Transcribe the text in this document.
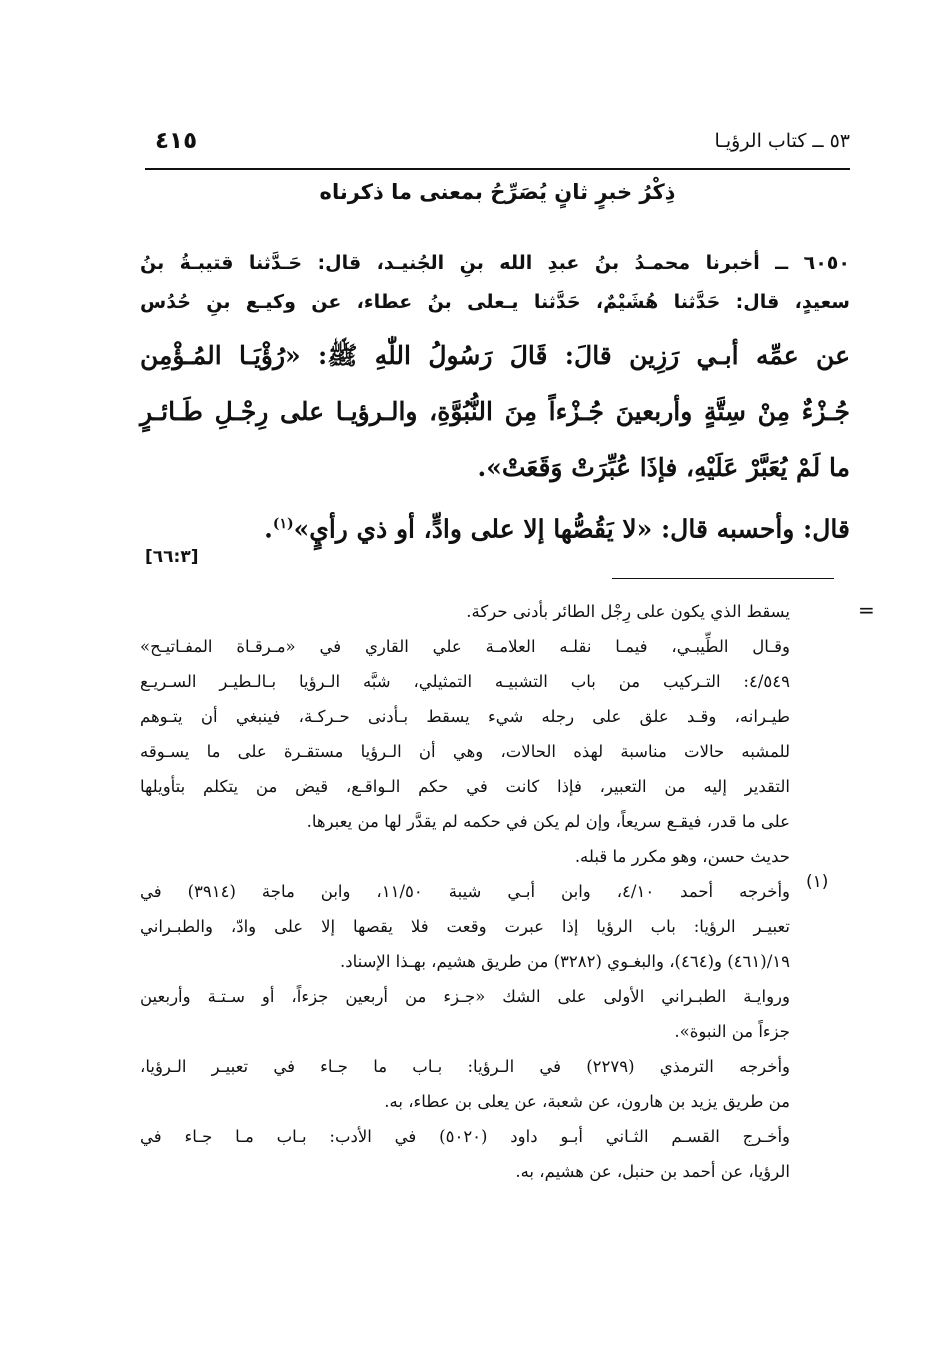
٥٣ ــ كتاب الرؤيـا
٤١٥
ذِكْرُ خبرٍ ثانٍ يُصَرِّحُ بمعنى ما ذكرناه
٦٠٥٠ ــ أخبرنا محمـدُ بنُ عبدِ الله بنِ الجُنيـد، قال: حَـدَّثنا قتيبـةُ بنُ
سعيدٍ، قال: حَدَّثنا هُشَيْمٌ، حَدَّثنا يـعلى بنُ عطاء، عن وكيـع بنِ حُدُس
عن عمِّه أبـي رَزِين قالَ: قَالَ رَسُولُ اللّٰهِ ﷺ: «رُؤْيَـا المُـؤْمِن
جُـزْءٌ مِنْ سِتَّةٍ وأربعينَ جُـزْءاً مِنَ النُّبُوَّةِ، والـرؤيـا على رِجْـلِ طَـائـرٍ
ما لَمْ يُعَبَّرْ عَلَيْهِ، فإذَا عُبِّرَتْ وَقَعَتْ».
قال: وأحسبه قال: «لا يَقُصُّها إلا على وادٍّ، أو ذي رأيٍ»$^{(١)}$.
[٦٦:٣]
=
(١)
يسقط الذي يكون على رِجْل الطائر بأدنى حركة.
وقـال الطِّيبـي، فيمـا نقلـه العلامـة علي القاري في «مـرقـاة المفـاتيـح»
٤/٥٤٩: التـركيب من باب التشبيـه التمثيلي، شبَّه الـرؤيا بـالـطيـر السـريـع
طيـرانه، وقـد علق على رجله شيء يسقط بـأدنى حـركـة، فينبغي أن يتـوهم
للمشبه حالات مناسبة لهذه الحالات، وهي أن الـرؤيا مستقـرة على ما يسـوقه
التقدير إليه من التعبير، فإذا كانت في حكم الـواقـع، قيض من يتكلم بتأويلها
على ما قدر، فيقـع سريعاً، وإن لم يكن في حكمه لم يقدَّر لها من يعبرها.
حديث حسن، وهو مكرر ما قبله.
وأخرجه أحمد ٤/١٠، وابن أبـي شيبة ١١/٥٠، وابن ماجة (٣٩١٤) في
تعبيـر الرؤيا: باب الرؤيا إذا عبرت وقعت فلا يقصها إلا على وادّ، والطبـراني
١٩/(٤٦١) و(٤٦٤)، والبغـوي (٣٢٨٢) من طريق هشيم، بهـذا الإسناد.
وروايـة الطبـراني الأولى على الشك «جـزء من أربعين جزءاً، أو سـتـة وأربعين
جزءاً من النبوة».
وأخرجه الترمذي (٢٢٧٩) في الـرؤيا: بـاب ما جـاء في تعبيـر الـرؤيا،
من طريق يزيد بن هارون، عن شعبة، عن يعلى بن عطاء، به.
وأخـرج القسـم الثـاني أبـو داود (٥٠٢٠) في الأدب: بـاب مـا جـاء في
الرؤيا، عن أحمد بن حنبل، عن هشيم، به.
